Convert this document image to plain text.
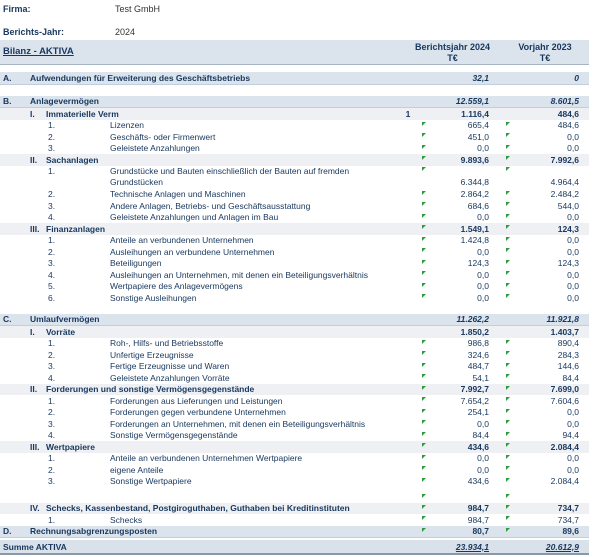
Firma:	Test GmbH
Berichts-Jahr:	2024
Bilanz - AKTIVA	Berichtsjahr 2024
T€
Vorjahr 2023
T€
A.	Aufwendungen für Erweiterung des Geschäftsbetriebs	32,1	0
B.	Anlagevermögen	12.559,1	8.601,5
I.	Immaterielle Verm	1	1.116,4	484,6
1.	Lizenzen	665,4	484,6
2.	Geschäfts- oder Firmenwert	451,0	0,0
3.	Geleistete Anzahlungen	0,0	0,0
II.	Sachanlagen	9.893,6	7.992,6
1.	Grundstücke und Bauten einschließlich der Bauten auf fremden
Grundstücken	6.344,8	4.964,4
2.	Technische Anlagen und Maschinen	2.864,2	2.484,2
3.	Andere Anlagen, Betriebs- und Geschäftsausstattung	684,6	544,0
4.	Geleistete Anzahlungen und Anlagen im Bau	0,0	0,0
III. Finanzanlagen	1.549,1	124,3
1.	Anteile an verbundenen Unternehmen	1.424,8	0,0
2.	Ausleihungen an verbundene Unternehmen	0,0	0,0
3.	Beteiligungen	124,3	124,3
4.	Ausleihungen an Unternehmen, mit denen ein Beteiligungsverhältnis	0,0	0,0
5.	Wertpapiere des Anlagevermögens	0,0	0,0
6.	Sonstige Ausleihungen	0,0	0,0
C.	Umlaufvermögen	11.262,2	11.921,8
I.	Vorräte	1.850,2	1.403,7
1.	Roh-, Hilfs- und Betriebsstoffe	986,8	890,4
2.	Unfertige Erzeugnisse	324,6	284,3
3.	Fertige Erzeugnisse und Waren	484,7	144,6
4.	Geleistete Anzahlungen Vorräte	54,1	84,4
II.	Forderungen und sonstige Vermögensgegenstände	7.992,7	7.699,0
1.	Forderungen aus Lieferungen und Leistungen	7.654,2	7.604,6
2.	Forderungen gegen verbundene Unternehmen	254,1	0,0
3.	Forderungen an Unternehmen, mit denen ein Beteiligungsverhältnis	0,0	0,0
4.	Sonstige Vermögensgegenstände	84,4	94,4
III. Wertpapiere	434,6	2.084,4
1.	Anteile an verbundenen Unternehmen Wertpapiere	0,0	0,0
2.	eigene Anteile	0,0	0,0
3.	Sonstige Wertpapiere	434,6	2.084,4
IV. Schecks, Kassenbestand, Postgiroguthaben, Guthaben bei Kreditinstituten	984,7	734,7
1.	Schecks	984,7	734,7
D.	Rechnungsabgrenzungsposten	80,7	89,6
Summe AKTIVA	23.934,1	20.612,9
